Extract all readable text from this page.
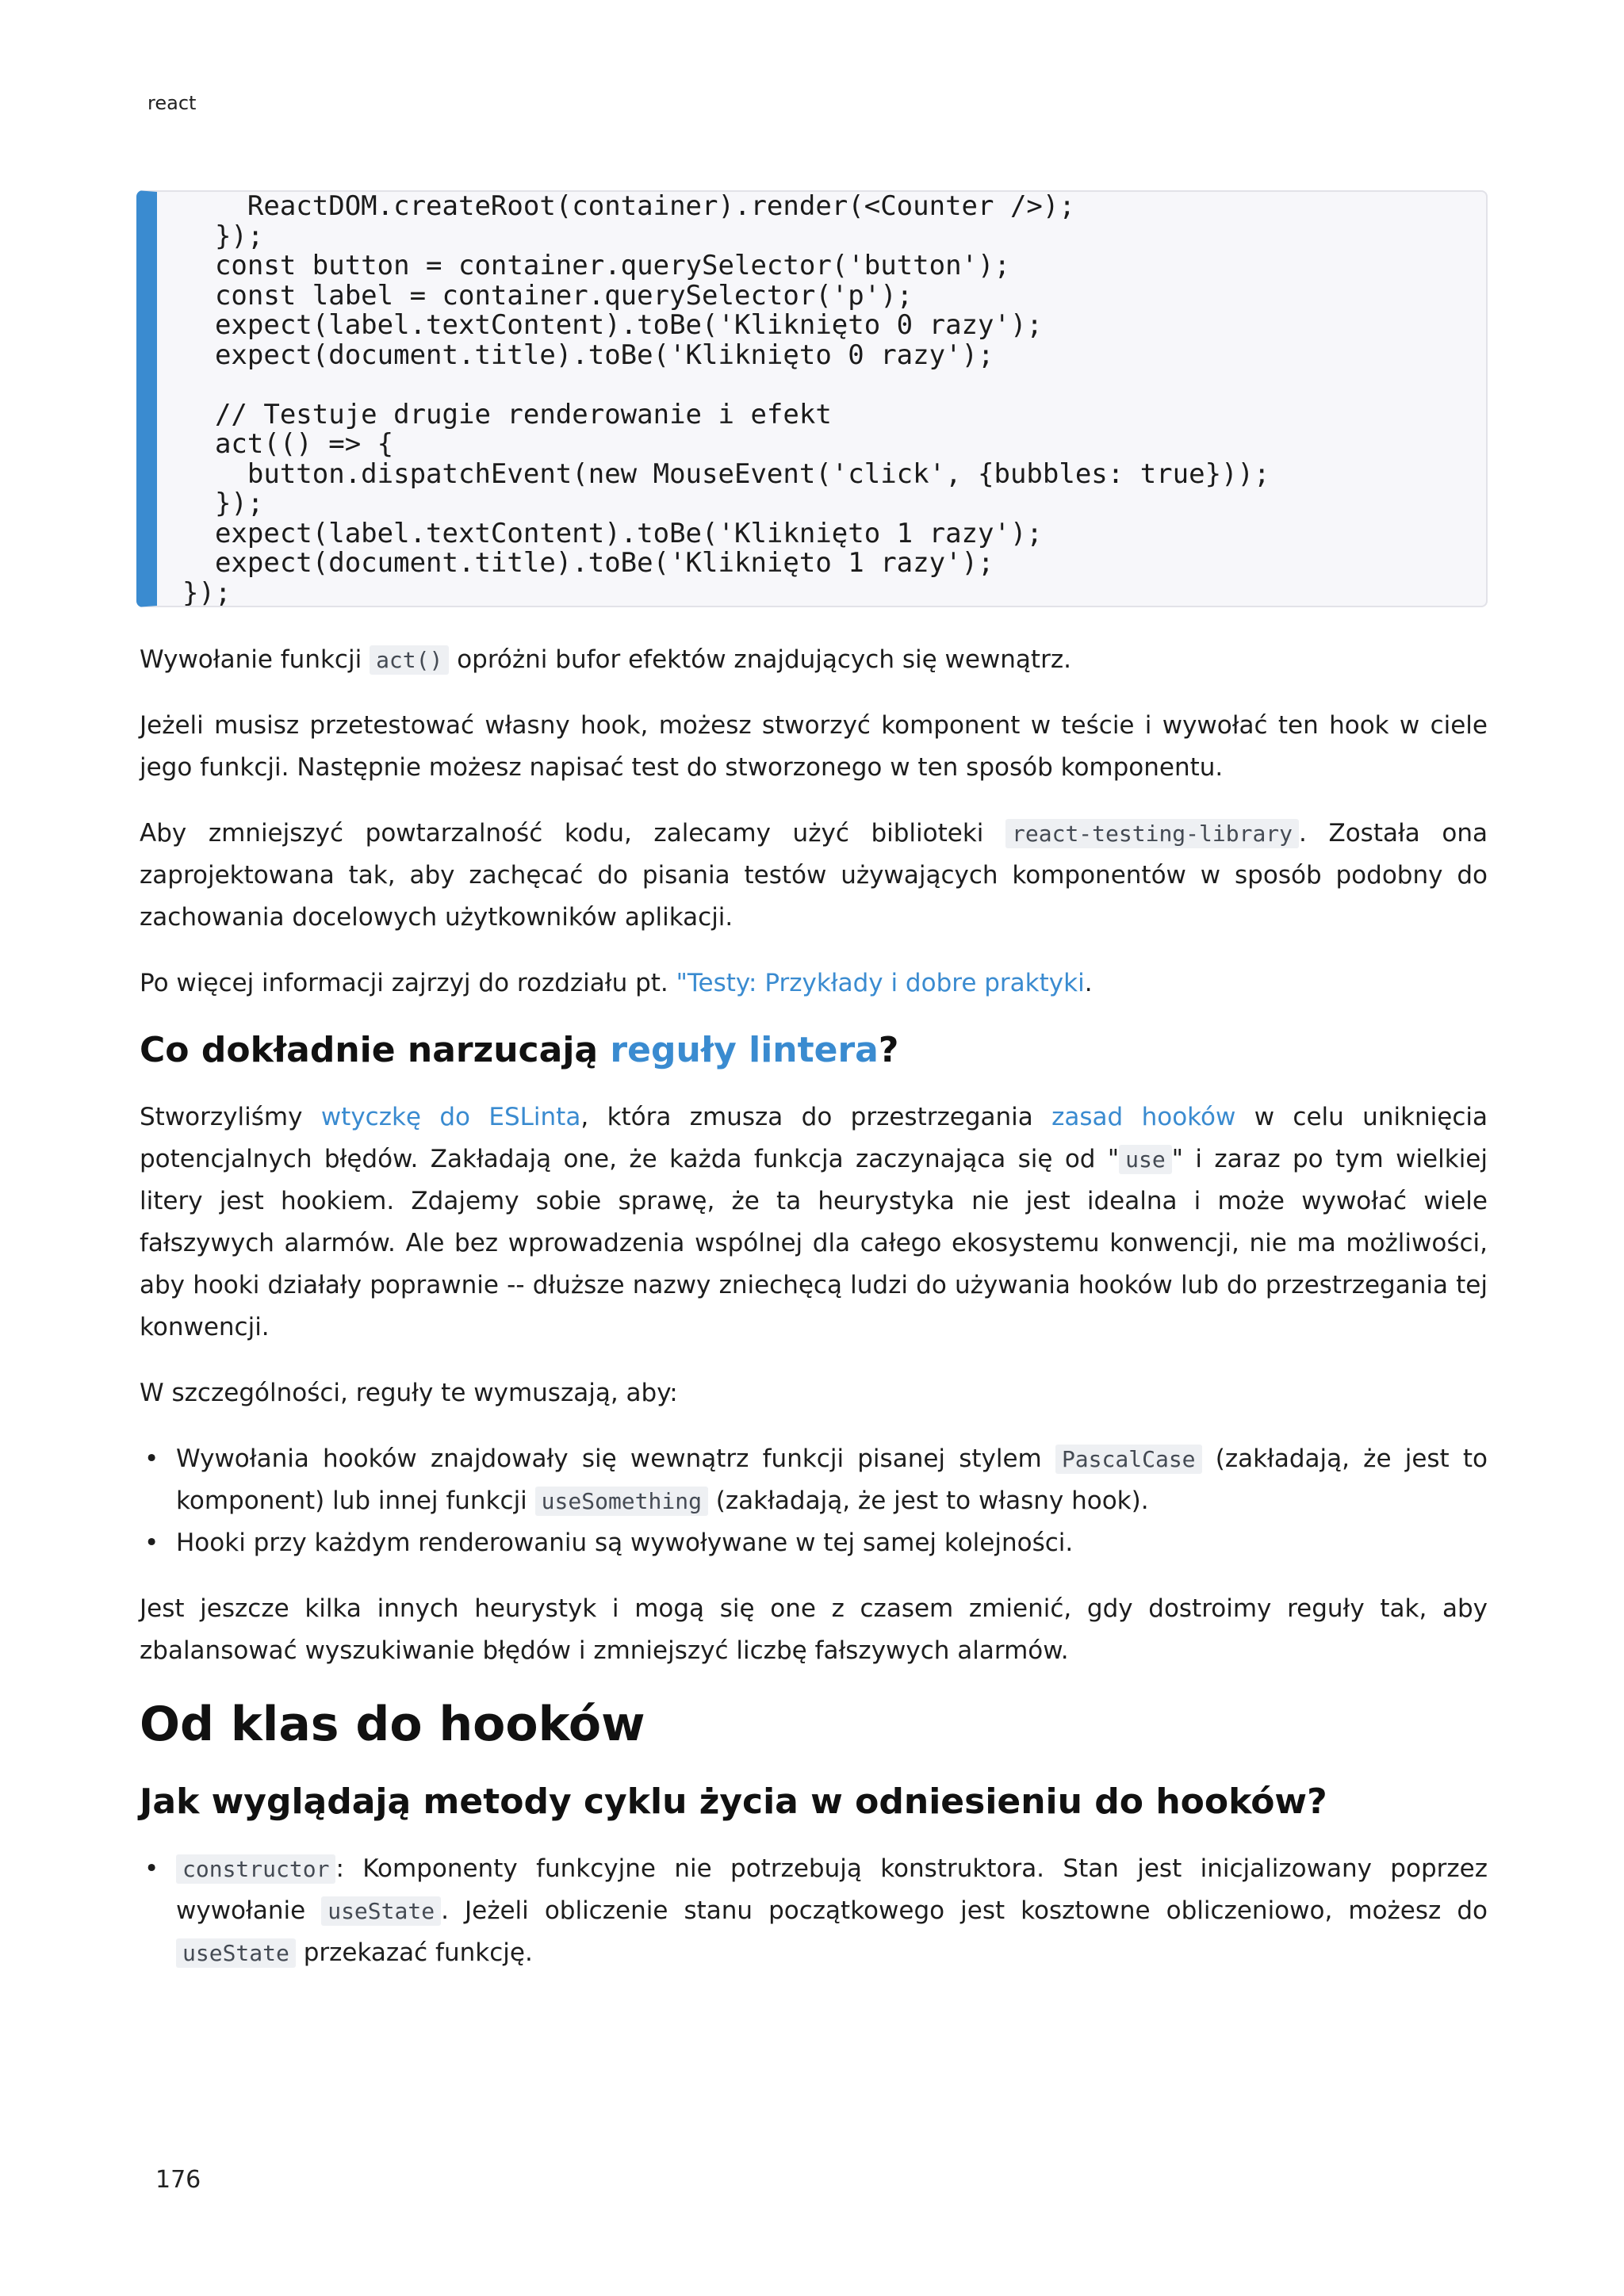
react
ReactDOM.createRoot(container).render(<Counter />);
});
const button = container.querySelector('button');
const label = container.querySelector('p');
expect(label.textContent).toBe('Kliknięto 0 razy');
expect(document.title).toBe('Kliknięto 0 razy');
// Testuje drugie renderowanie i efekt
act(() => {
button.dispatchEvent(new MouseEvent('click', {bubbles: true}));
});
expect(label.textContent).toBe('Kliknięto 1 razy');
expect(document.title).toBe('Kliknięto 1 razy');
});

Wywołanie funkcji act() opróżni bufor efektów znajdujących się wewnątrz.

Jeżeli musisz przetestować własny hook, możesz stworzyć komponent w teście i wywołać ten hook w ciele jego funkcji. Następnie możesz napisać test do stworzonego w ten sposób komponentu.

Aby zmniejszyć powtarzalność kodu, zalecamy użyć biblioteki react-testing-library . Została ona zaprojektowana tak, aby zachęcać do pisania testów używających komponentów w sposób podobny do zachowania docelowych użytkowników aplikacji.

Po więcej informacji zajrzyj do rozdziału pt. "Testy: Przykłady i dobre praktyki.

Co dokładnie narzucają reguły lintera?

Stworzyliśmy wtyczkę do ESLinta, która zmusza do przestrzegania zasad hooków w celu uniknięcia potencjalnych błędów. Zakładają one, że każda funkcja zaczynająca się od " use " i zaraz po tym wielkiej litery jest hookiem. Zdajemy sobie sprawę, że ta heurystyka nie jest idealna i może wywołać wiele fałszywych alarmów. Ale bez wprowadzenia wspólnej dla całego ekosystemu konwencji, nie ma możliwości, aby hooki działały poprawnie -- dłuższe nazwy zniechęcą ludzi do używania hooków lub do przestrzegania tej konwencji.

W szczególności, reguły te wymuszają, aby:

• Wywołania hooków znajdowały się wewnątrz funkcji pisanej stylem PascalCase (zakładają, że jest to komponent) lub innej funkcji useSomething (zakładają, że jest to własny hook).
• Hooki przy każdym renderowaniu są wywoływane w tej samej kolejności.

Jest jeszcze kilka innych heurystyk i mogą się one z czasem zmienić, gdy dostroimy reguły tak, aby zbalansować wyszukiwanie błędów i zmniejszyć liczbę fałszywych alarmów.

Od klas do hooków
Jak wyglądają metody cyklu życia w odniesieniu do hooków?
• constructor : Komponenty funkcyjne nie potrzebują konstruktora. Stan jest inicjalizowany poprzez wywołanie useState . Jeżeli obliczenie stanu początkowego jest kosztowne obliczeniowo, możesz do useState przekazać funkcję.
176
